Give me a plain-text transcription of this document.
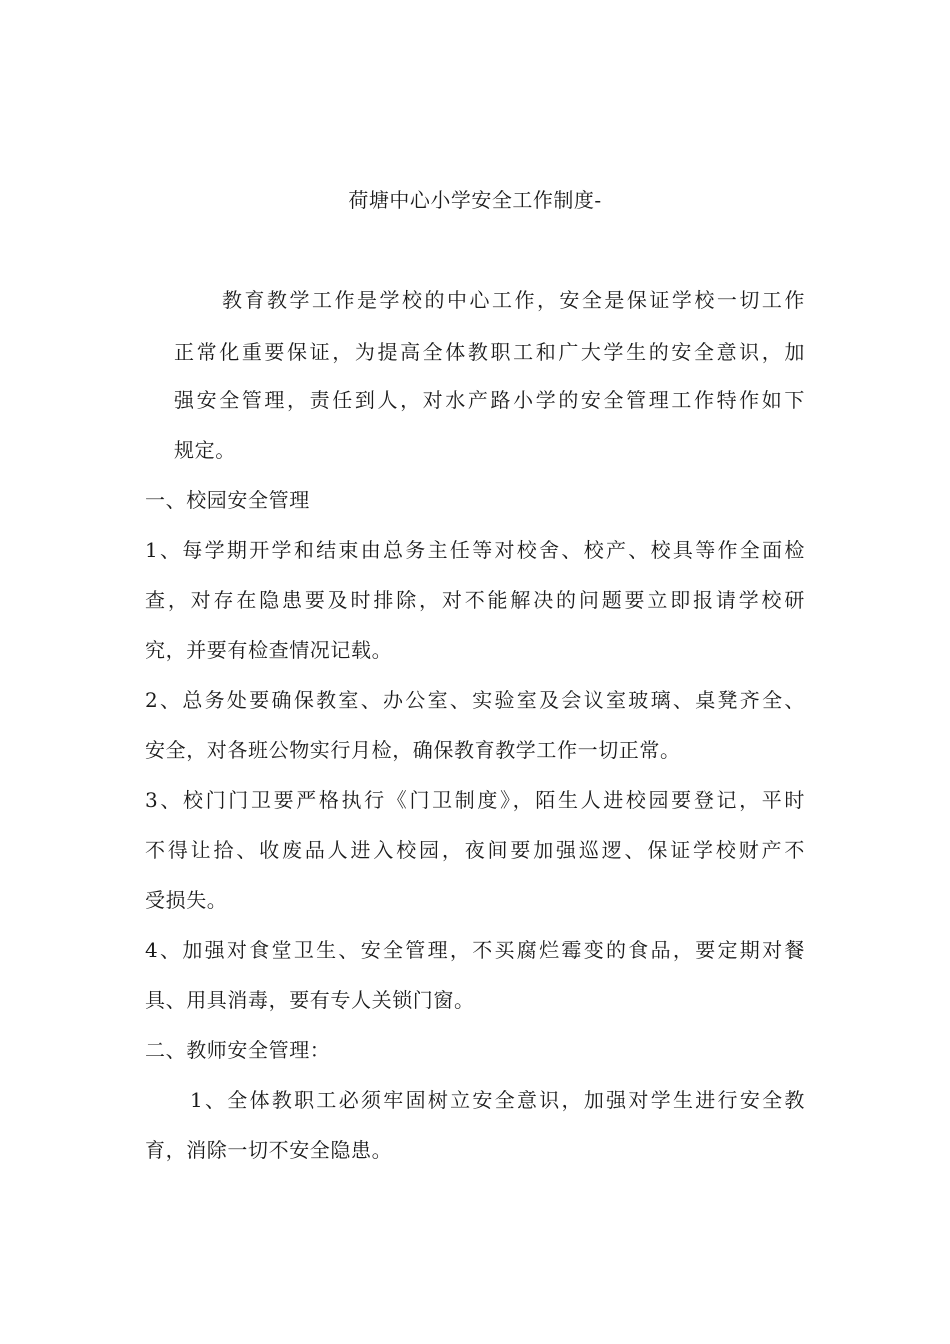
荷塘中心小学安全工作制度-
教育教学工作是学校的中心工作，安全是保证学校一切工作
正常化重要保证，为提高全体教职工和广大学生的安全意识，加
强安全管理，责任到人，对水产路小学的安全管理工作特作如下
规定。
一、校园安全管理
1、每学期开学和结束由总务主任等对校舍、校产、校具等作全面检
查，对存在隐患要及时排除，对不能解决的问题要立即报请学校研
究，并要有检查情况记载。
2、总务处要确保教室、办公室、实验室及会议室玻璃、桌凳齐全、
安全，对各班公物实行月检，确保教育教学工作一切正常。
3、校门门卫要严格执行《门卫制度》，陌生人进校园要登记，平时
不得让拾、收废品人进入校园，夜间要加强巡逻、保证学校财产不
受损失。
4、加强对食堂卫生、安全管理，不买腐烂霉变的食品，要定期对餐
具、用具消毒，要有专人关锁门窗。
二、教师安全管理：
1、全体教职工必须牢固树立安全意识，加强对学生进行安全教
育，消除一切不安全隐患。
